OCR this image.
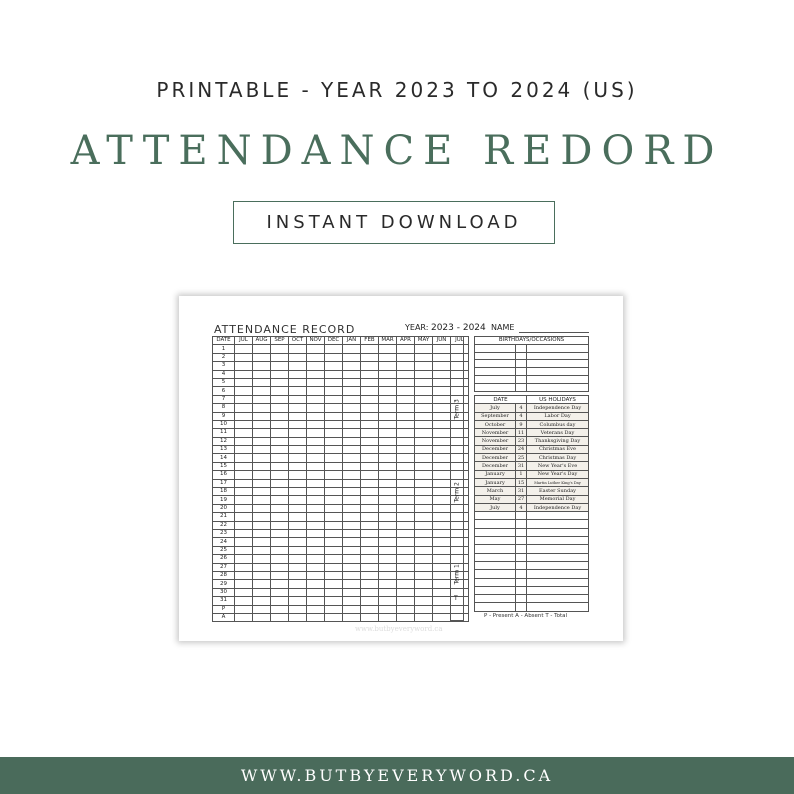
PRINTABLE - YEAR 2023 TO 2024 (US)
ATTENDANCE REDORD
INSTANT DOWNLOAD
ATTENDANCE RECORD	YEAR: 2023 - 2024 NAME
DATE	JUL	AUG	SEP	OCT	NOV	DEC	JAN	FEB	MAR	APR	MAY	JUN	JUL
1													
2													
3													
4													
5													
6													
7													
8													
9													
10													
11													
12													
13													
14													
15													
16													
17													
18													
19													
20													
21													
22													
23													
24													
25													
26													
27													
28													
29													
30													
31													
P													
A													
Term 3
Term 2
Term 1
T
BIRTHDAYS/OCCASIONS		

DATE		US HOLIDAYS
July	4	Independence Day
September	4	Labor Day
October	9	Columbus day
November	11	Veterans Day
November	23	Thanksgiving Day
December	24	Christmas Eve
December	25	Christmas Day
December	31	New Year's Eve
January	1	New Year's Day
January	15	Martin Luther King's Day
March	31	Easter Sunday
May	27	Memorial Day
July	4	Independence Day

P - Present A - Absent T - Total
www.butbyeveryword.ca
WWW.BUTBYEVERYWORD.CA
